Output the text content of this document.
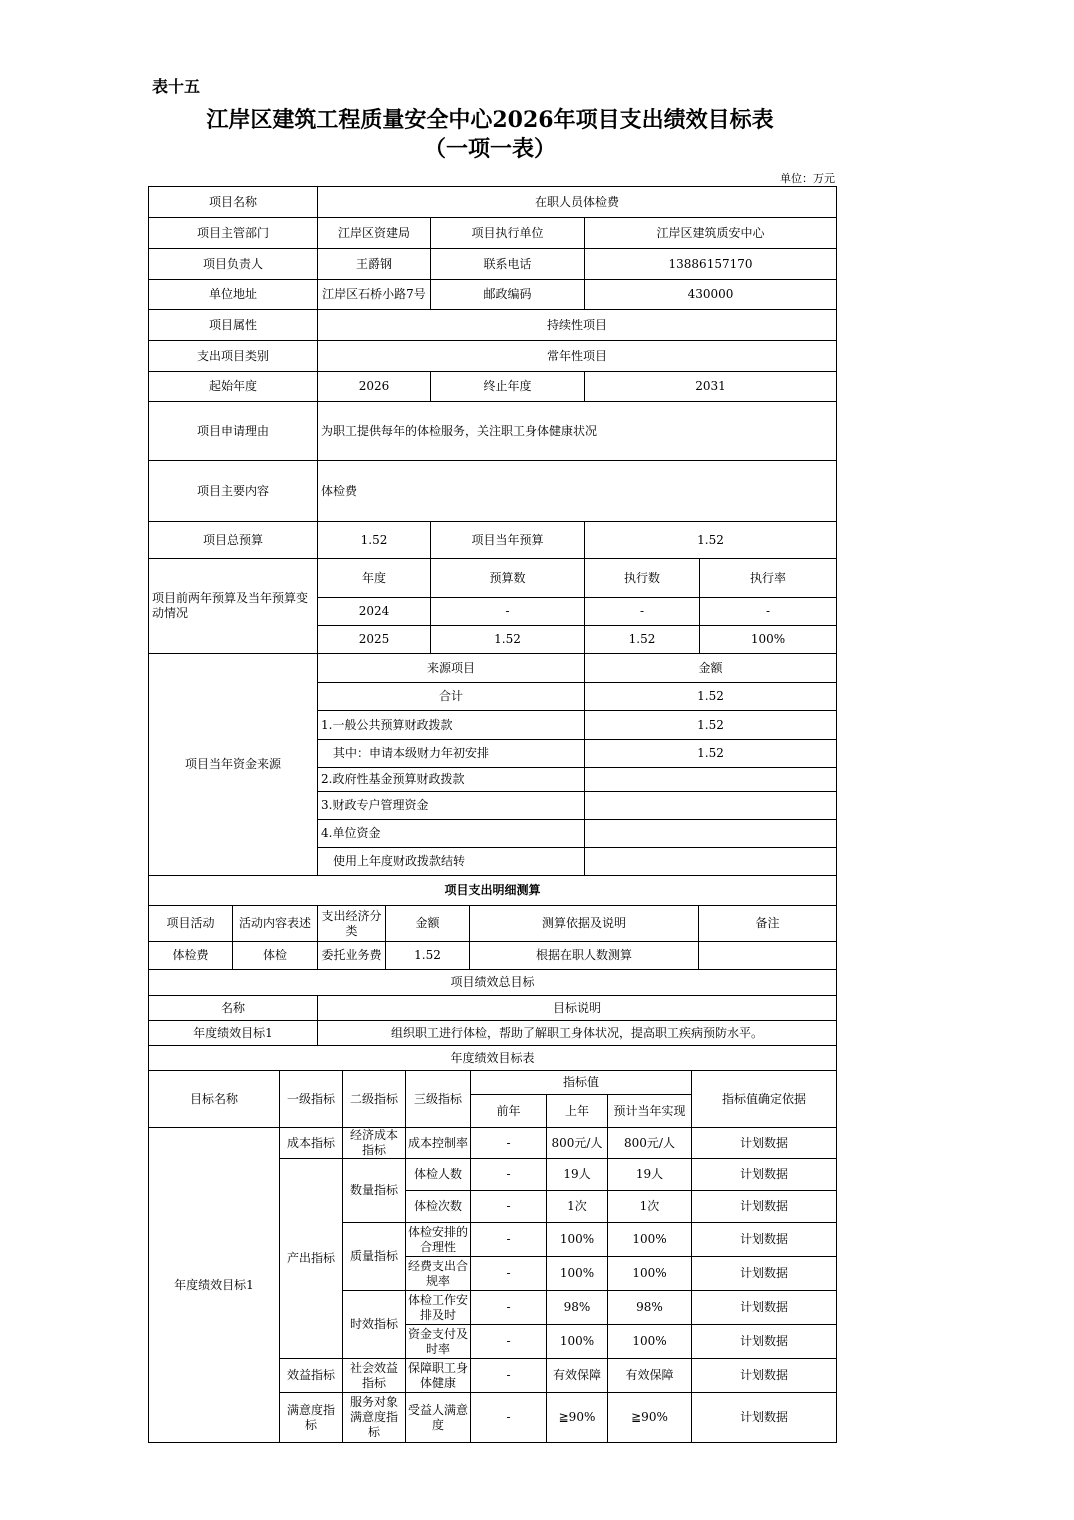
表十五
江岸区建筑工程质量安全中心2026年项目支出绩效目标表
（一项一表）
单位：万元
项目名称	在职人员体检费			
项目主管部门	江岸区资建局	项目执行单位	江岸区建筑质安中心	
项目负责人	王爵钢	联系电话	13886157170	
单位地址	江岸区石桥小路7号	邮政编码	430000	
项目属性	持续性项目			
支出项目类别	常年性项目			
起始年度	2026	终止年度	2031	
项目申请理由	为职工提供每年的体检服务，关注职工身体健康状况			
项目主要内容	体检费			
项目总预算	1.52	项目当年预算	1.52	
项目前两年预算及当年预算变动情况	年度	预算数	执行数	执行率
	2024	-	-	-
	2025	1.52	1.52	100%
项目当年资金来源	来源项目		金额	
	合计		1.52	
	1.一般公共预算财政拨款		1.52	
	　其中：申请本级财力年初安排		1.52	
	2.政府性基金预算财政拨款			
	3.财政专户管理资金			
	4.单位资金			
	　使用上年度财政拨款结转			
项目支出明细测算					
项目活动	活动内容表述	支出经济分类	金额	测算依据及说明	备注
体检费	体检	委托业务费	1.52	根据在职人数测算	
项目绩效总目标					
名称		目标说明			
年度绩效目标1		组织职工进行体检，帮助了解职工身体状况，提高职工疾病预防水平。			
年度绩效目标表					
目标名称	一级指标	二级指标	三级指标	指标值			指标值确定依据
				前年	上年	预计当年实现	
年度绩效目标1	成本指标	经济成本指标	成本控制率	-	800元/人	800元/人	计划数据
	产出指标	数量指标	体检人数	-	19人	19人	计划数据
			体检次数	-	1次	1次	计划数据
		质量指标	体检安排的合理性	-	100%	100%	计划数据
			经费支出合规率	-	100%	100%	计划数据
		时效指标	体检工作安排及时	-	98%	98%	计划数据
			资金支付及时率	-	100%	100%	计划数据
	效益指标	社会效益指标	保障职工身体健康	-	有效保障	有效保障	计划数据
	满意度指标	服务对象满意度指标	受益人满意度	-	≧90%	≧90%	计划数据
